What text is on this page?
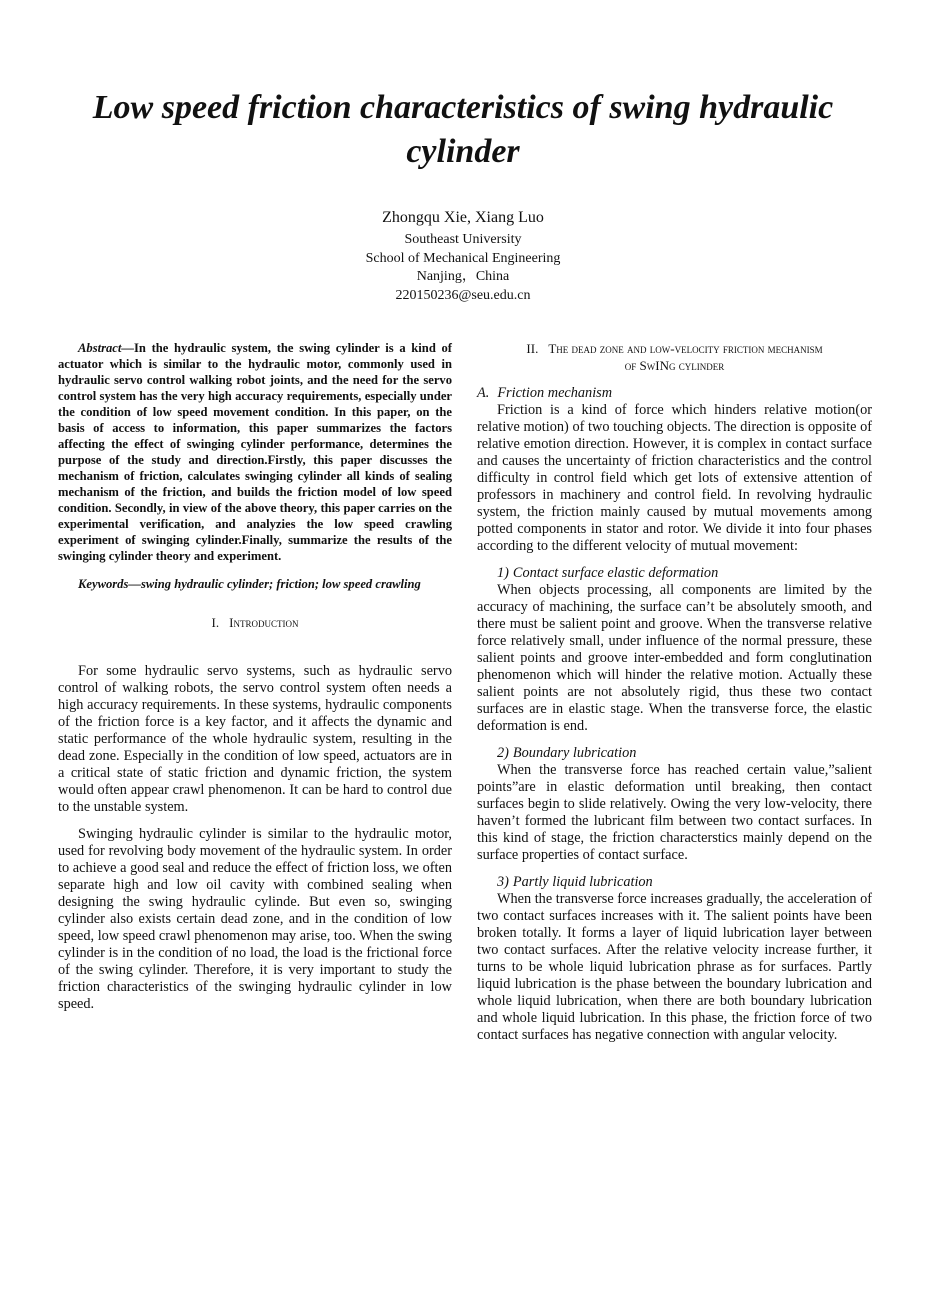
Low speed friction characteristics of swing hydraulic cylinder
Zhongqu Xie, Xiang Luo
Southeast University
School of Mechanical Engineering
Nanjing，China
220150236@seu.edu.cn

Abstract—In the hydraulic system, the swing cylinder is a kind of actuator which is similar to the hydraulic motor, commonly used in hydraulic servo control walking robot joints, and the need for the servo control system has the very high accuracy requirements, especially under the condition of low speed movement condition. In this paper, on the basis of access to information, this paper summarizes the factors affecting the effect of swinging cylinder performance, determines the purpose of the study and direction.Firstly, this paper discusses the mechanism of friction, calculates swinging cylinder all kinds of sealing mechanism of the friction, and builds the friction model of low speed condition. Secondly, in view of the above theory, this paper carries on the experimental verification, and analyzies the low speed crawling experiment of swinging cylinder.Finally, summarize the results of the swinging cylinder theory and experiment.

Keywords—swing hydraulic cylinder; friction; low speed crawling

I. Introduction

For some hydraulic servo systems, such as hydraulic servo control of walking robots, the servo control system often needs a high accuracy requirements. In these systems, hydraulic components of the friction force is a key factor, and it affects the dynamic and static performance of the whole hydraulic system, resulting in the dead zone. Especially in the condition of low speed, actuators are in a critical state of static friction and dynamic friction, the system would often appear crawl phenomenon. It can be hard to control due to the unstable system.

Swinging hydraulic cylinder is similar to the hydraulic motor, used for revolving body movement of the hydraulic system. In order to achieve a good seal and reduce the effect of friction loss, we often separate high and low oil cavity with combined sealing when designing the swing hydraulic cylinde. But even so, swinging cylinder also exists certain dead zone, and in the condition of low speed, low speed crawl phenomenon may arise, too. When the swing cylinder is in the condition of no load, the load is the frictional force of the swing cylinder. Therefore, it is very important to study the friction characteristics of the swinging hydraulic cylinder in low speed.

II. The dead zone and low-velocity friction mechanism
of SwINg cylinder
A. Friction mechanism

Friction is a kind of force which hinders relative motion(or relative motion) of two touching objects. The direction is opposite of relative emotion direction. However, it is complex in contact surface and causes the uncertainty of friction characteristics and the control difficulty in control field which get lots of extensive attention of professors in machinery and control field. In revolving hydraulic system, the friction mainly caused by mutual movements among potted components in stator and rotor. We divide it into four phases according to the different velocity of mutual movement:

1) Contact surface elastic deformation

When objects processing, all components are limited by the accuracy of machining, the surface can’t be absolutely smooth, and there must be salient point and groove. When the transverse relative force relatively small, under influence of the normal pressure, these salient points and groove inter-embedded and form conglutination phenomenon which will hinder the relative motion. Actually these salient points are not absolutely rigid, thus these two contact surfaces are in elastic stage. When the transverse force, the elastic deformation is end.

2) Boundary lubrication

When the transverse force has reached certain value,”salient points”are in elastic deformation until breaking, then contact surfaces begin to slide relatively. Owing the very low-velocity, there haven’t formed the lubricant film between two contact surfaces. In this kind of stage, the friction characterstics mainly depend on the surface properties of contact surface.

3) Partly liquid lubrication

When the transverse force increases gradually, the acceleration of two contact surfaces increases with it. The salient points have been broken totally. It forms a layer of liquid lubrication layer between two contact surfaces. After the relative velocity increase further, it turns to be whole liquid lubrication phrase as for surfaces. Partly liquid lubrication is the phase between the boundary lubrication and whole liquid lubrication, when there are both boundary lubrication and whole liquid lubrication. In this phase, the friction force of two contact surfaces has negative connection with angular velocity.
